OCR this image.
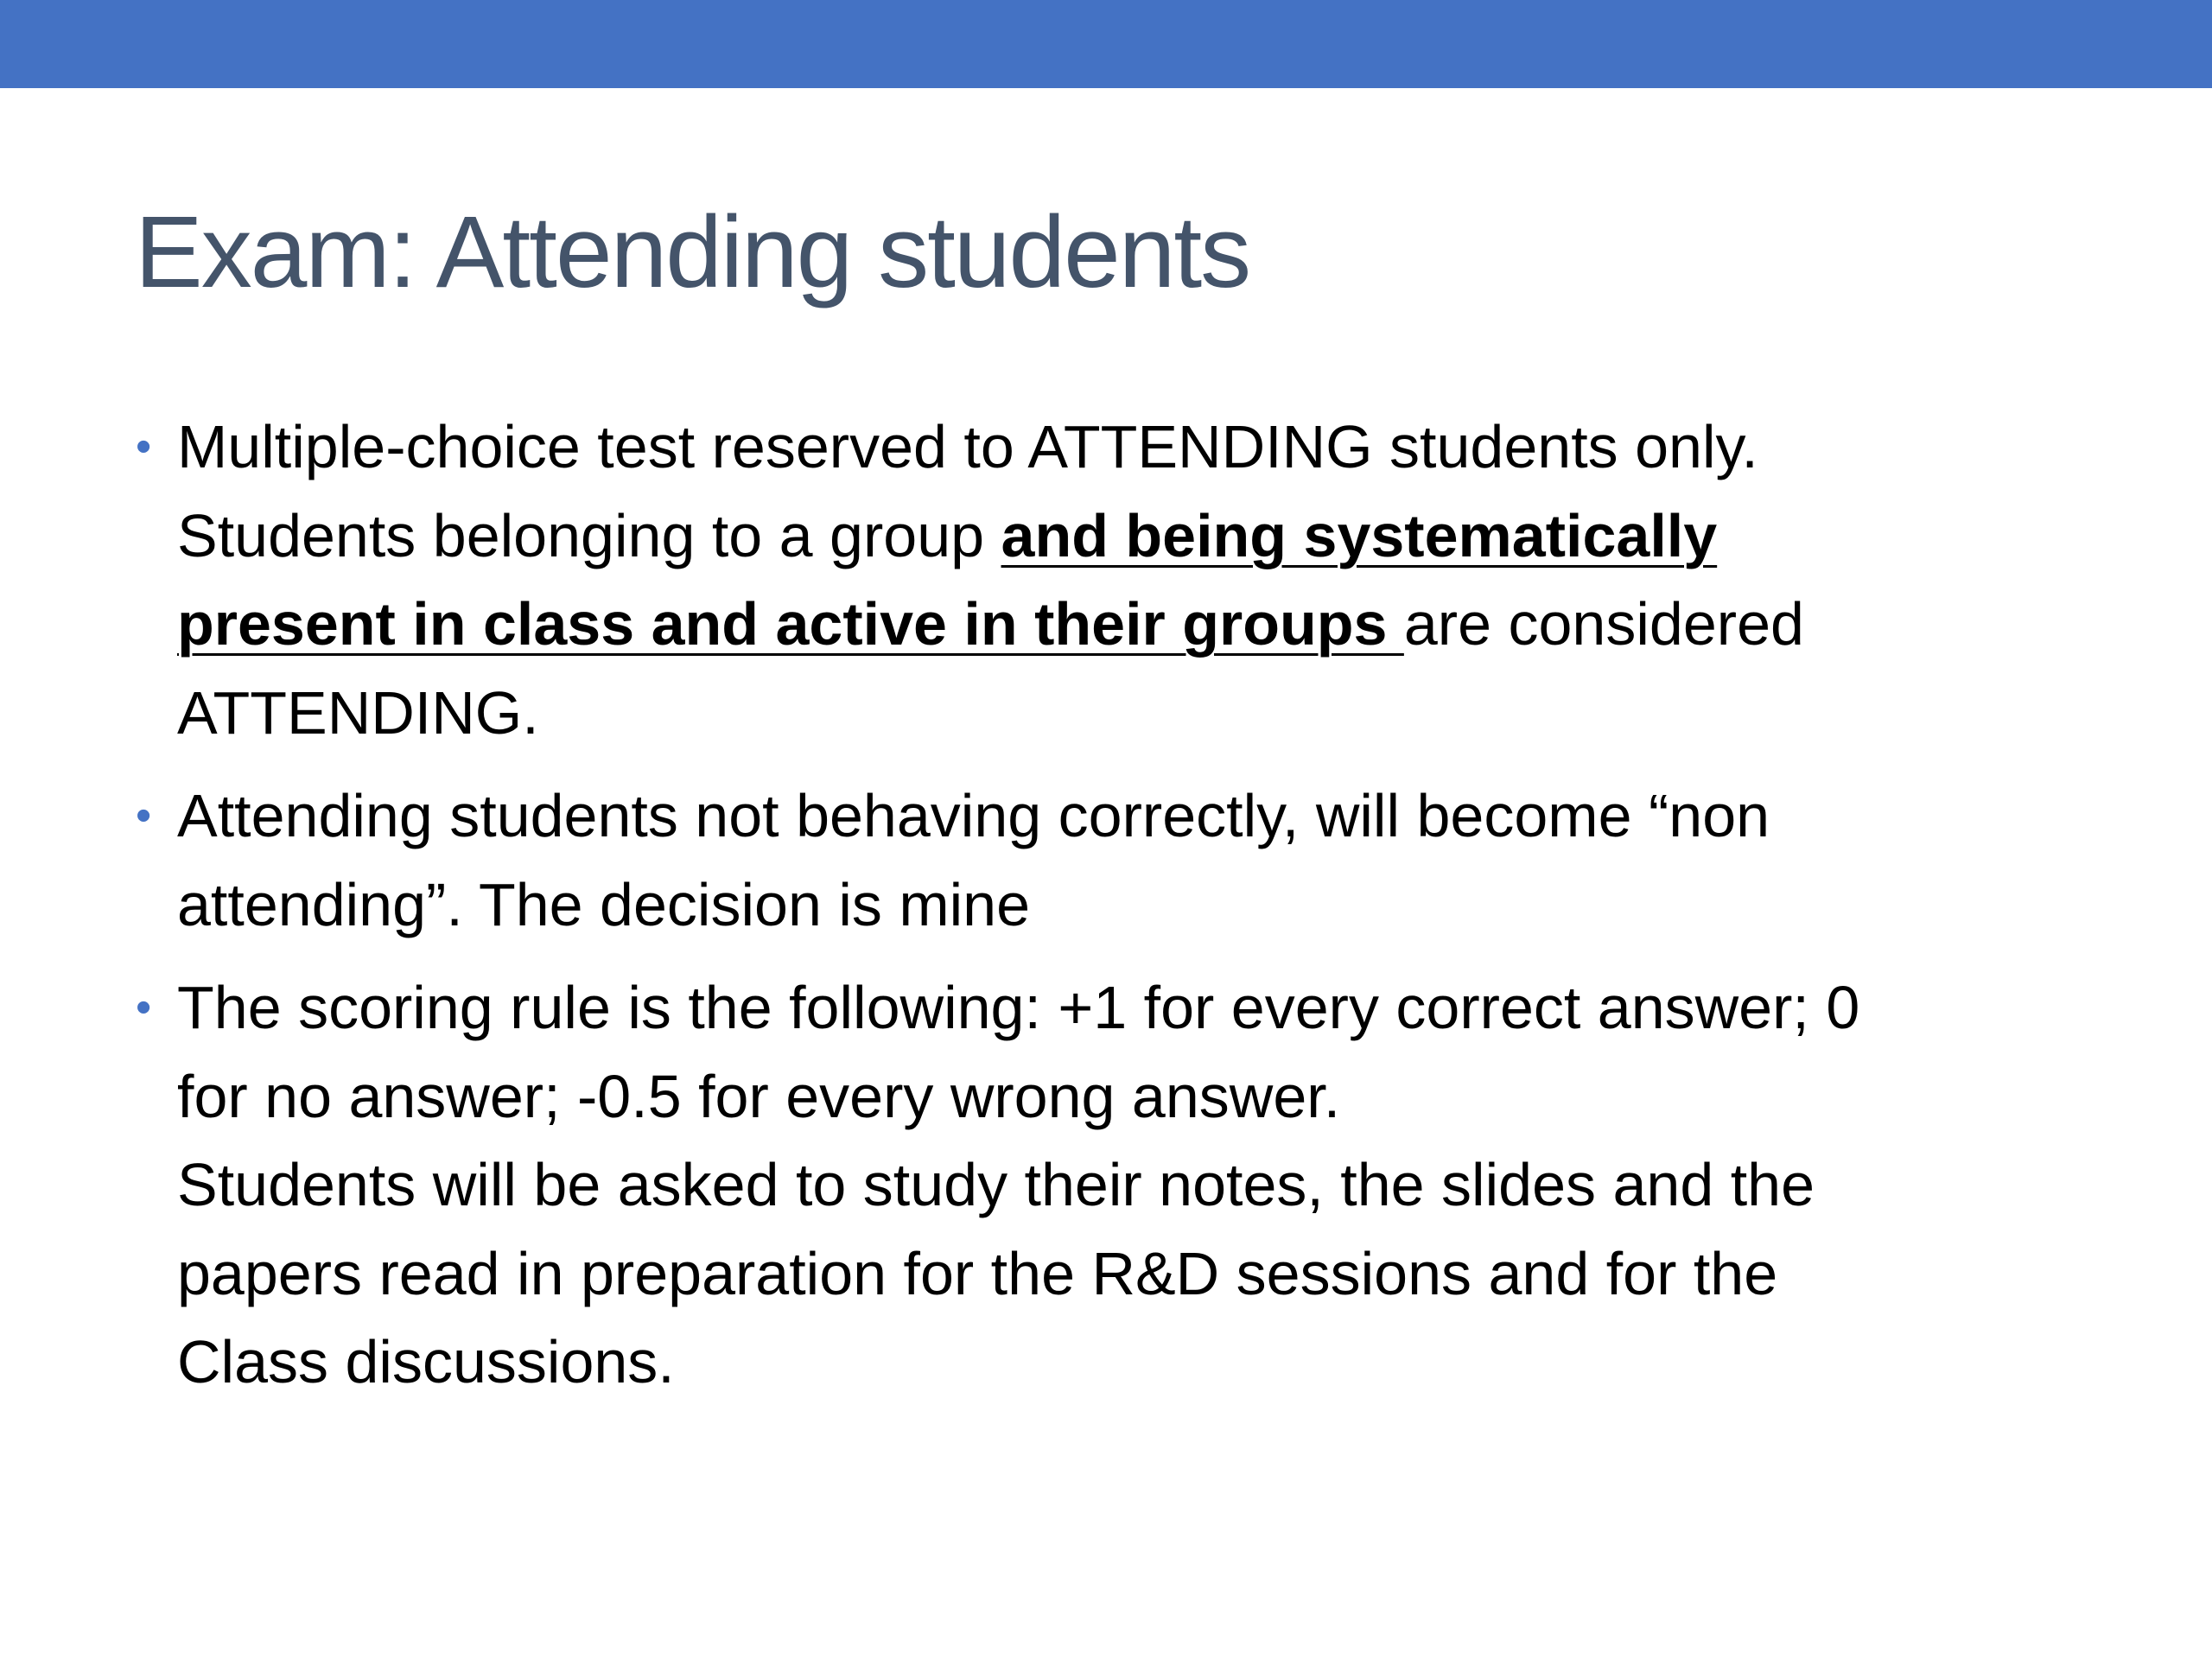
Exam: Attending students
• Multiple-choice test reserved to ATTENDING students only.
Students belonging to a group and being systematically
present in class and active in their groups are considered
ATTENDING.
• Attending students not behaving correctly, will become “non
attending”. The decision is mine
• The scoring rule is the following: +1 for every correct answer; 0
for no answer; -0.5 for every wrong answer.
Students will be asked to study their notes, the slides and the
papers read in preparation for the R&D sessions and for the
Class discussions.
